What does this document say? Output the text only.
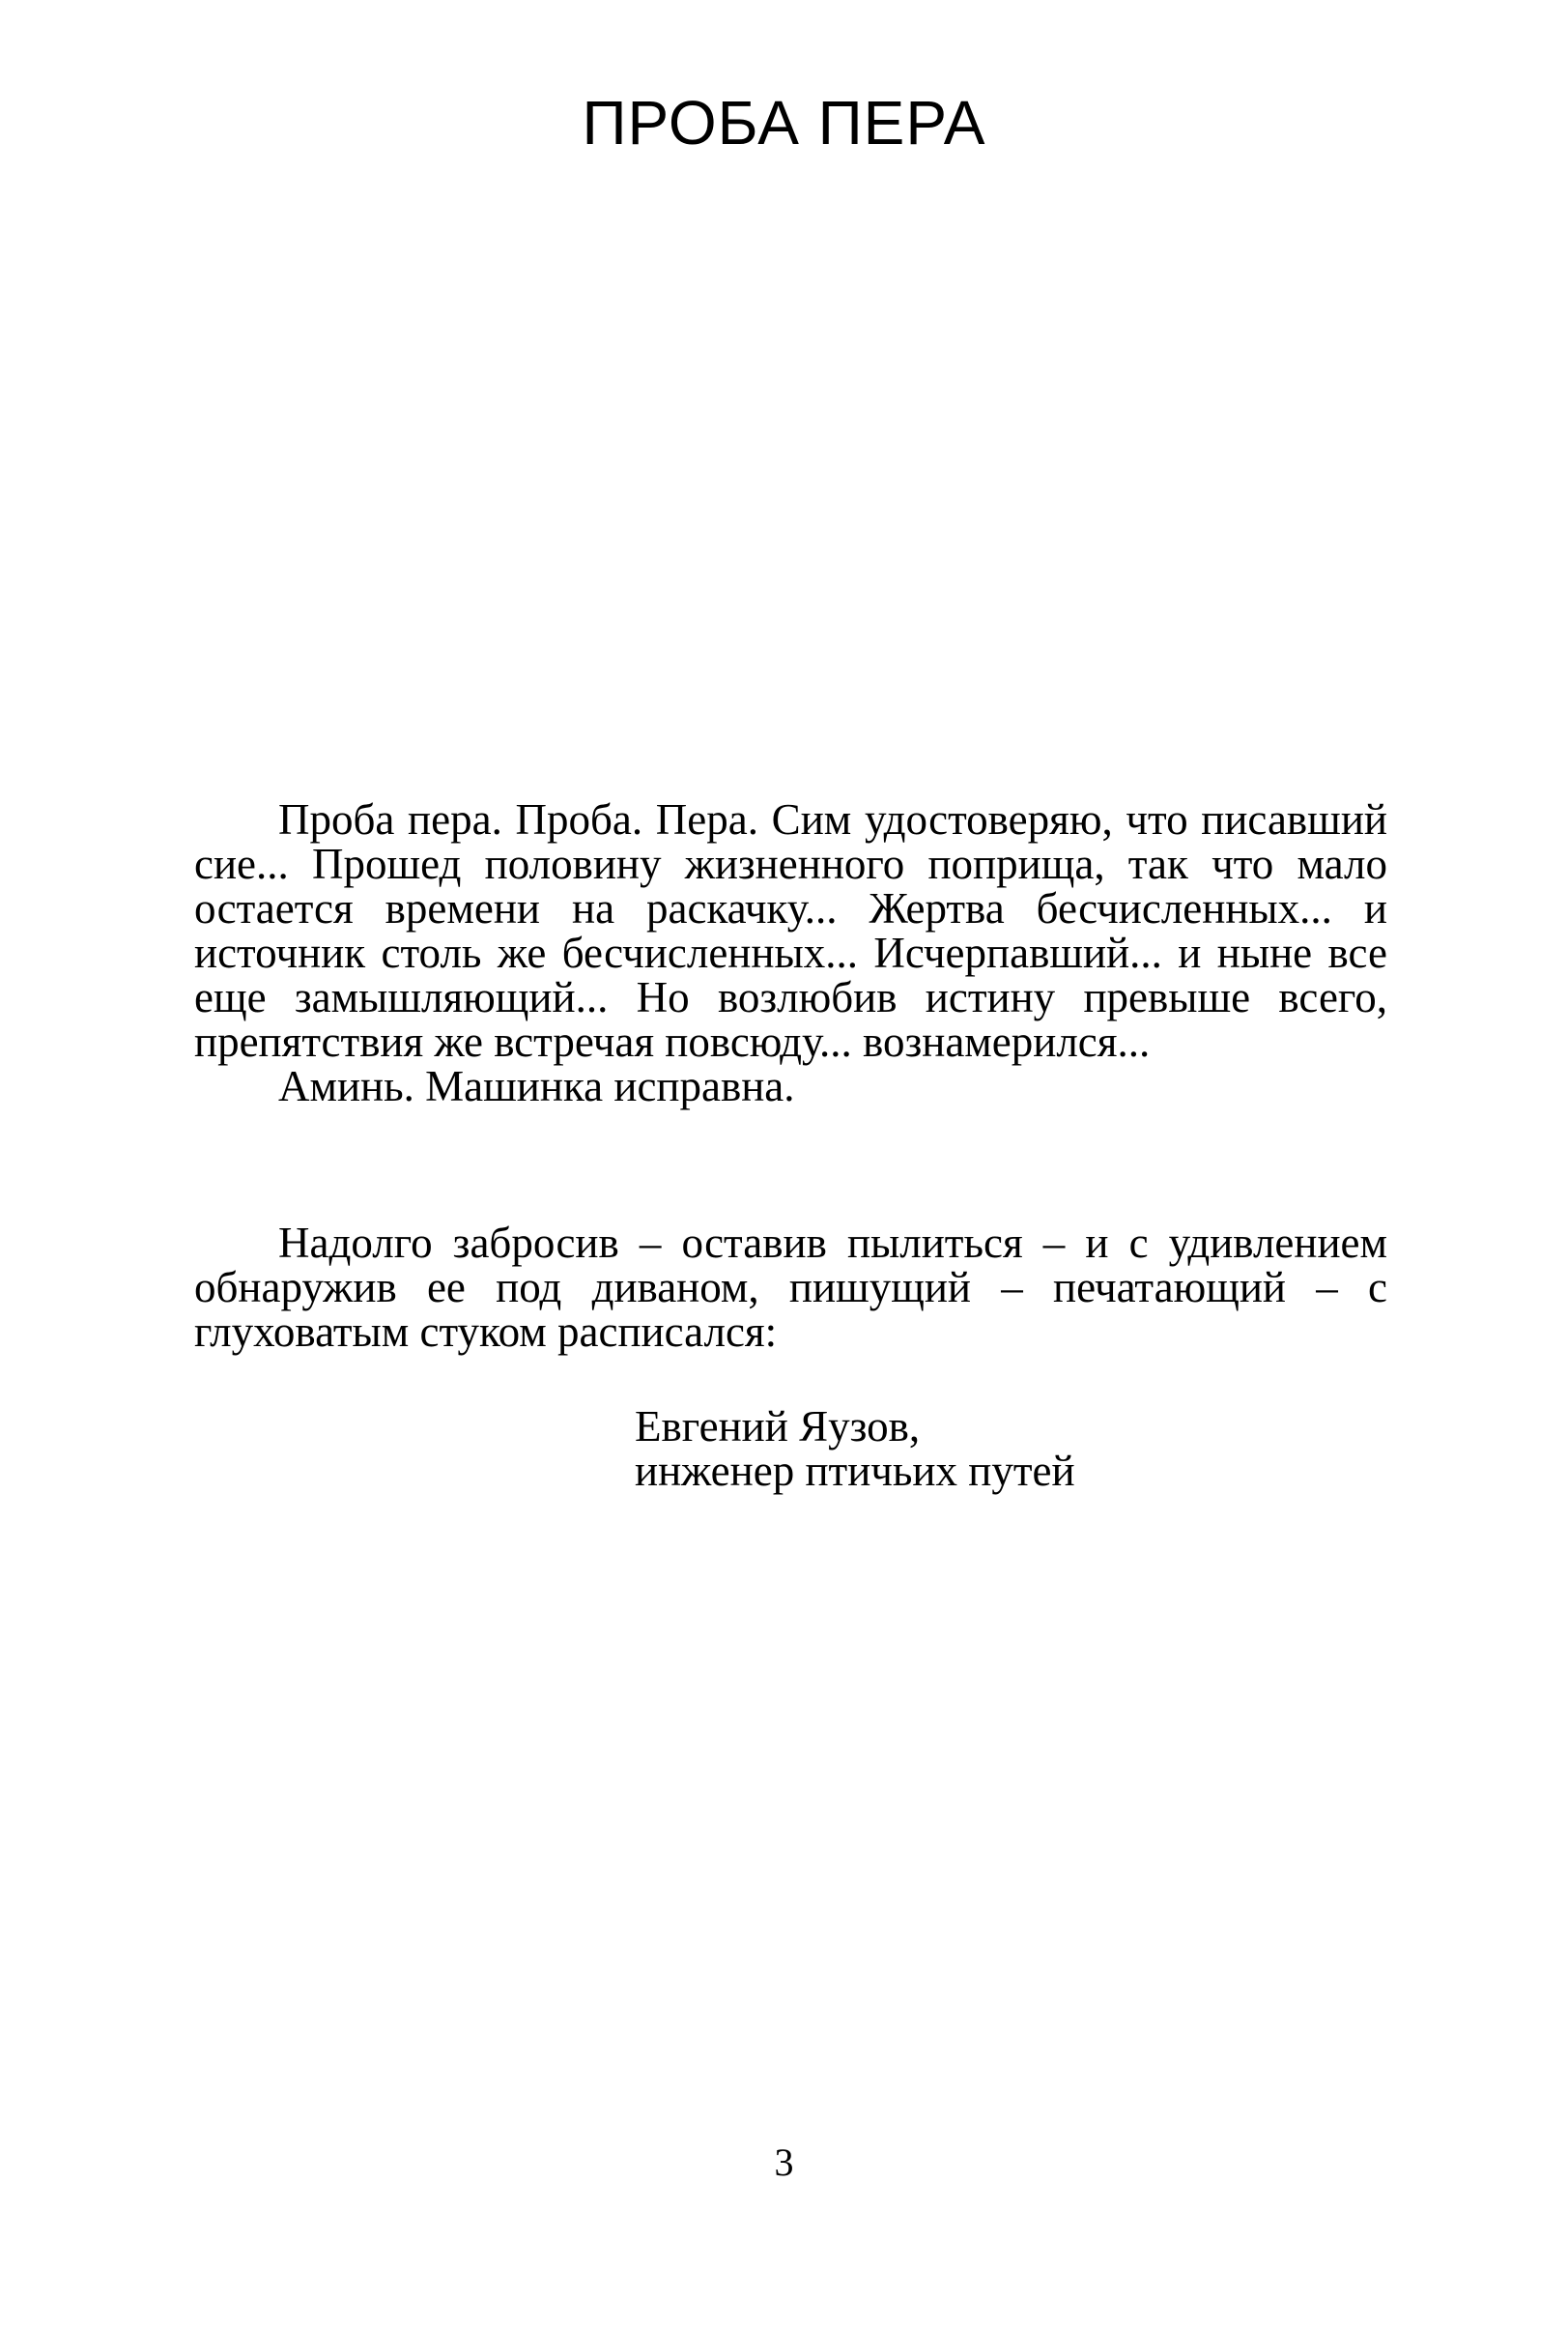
ПРОБА ПЕРА

Проба пера. Проба. Пера. Сим удостоверяю, что писавший сие... Прошед половину жизненного поприща, так что мало остается времени на раскачку... Жертва бесчисленных... и источник столь же бесчисленных... Исчерпавший... и ныне все еще замышляющий... Но возлюбив истину превыше всего, препятствия же встречая повсюду... вознамерился...

Аминь. Машинка исправна.

Надолго забросив – оставив пылиться – и с удивлением обнаружив ее под диваном, пишущий – печатающий – с глуховатым стуком расписался:

Евгений Яузов,
инженер птичьих путей
3
